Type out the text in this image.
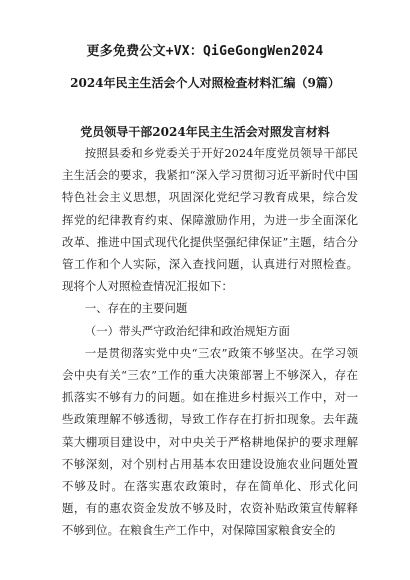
更多免费公文+VX：QiGeGongWen2024
2024年民主生活会个人对照检查材料汇编（9篇）
党员领导干部2024年民主生活会对照发言材料

按照县委和乡党委关于开好2024年度党员领导干部民主生活会的要求，我紧扣“深入学习贯彻习近平新时代中国特色社会主义思想，巩固深化党纪学习教育成果，综合发挥党的纪律教育约束、保障激励作用，为进一步全面深化改革、推进中国式现代化提供坚强纪律保证”主题，结合分管工作和个人实际，深入查找问题，认真进行对照检查。现将个人对照检查情况汇报如下：

一、存在的主要问题

（一）带头严守政治纪律和政治规矩方面

一是贯彻落实党中央“三农”政策不够坚决。在学习领会中央有关“三农”工作的重大决策部署上不够深入，存在抓落实不够有力的问题。如在推进乡村振兴工作中，对一些政策理解不够透彻，导致工作存在打折扣现象。去年蔬菜大棚项目建设中，对中央关于严格耕地保护的要求理解不够深刻，对个别村占用基本农田建设设施农业问题处置不够及时。在落实惠农政策时，存在简单化、形式化问题，有的惠农资金发放不够及时，农资补贴政策宣传解释不够到位。在粮食生产工作中，对保障国家粮食安全的
